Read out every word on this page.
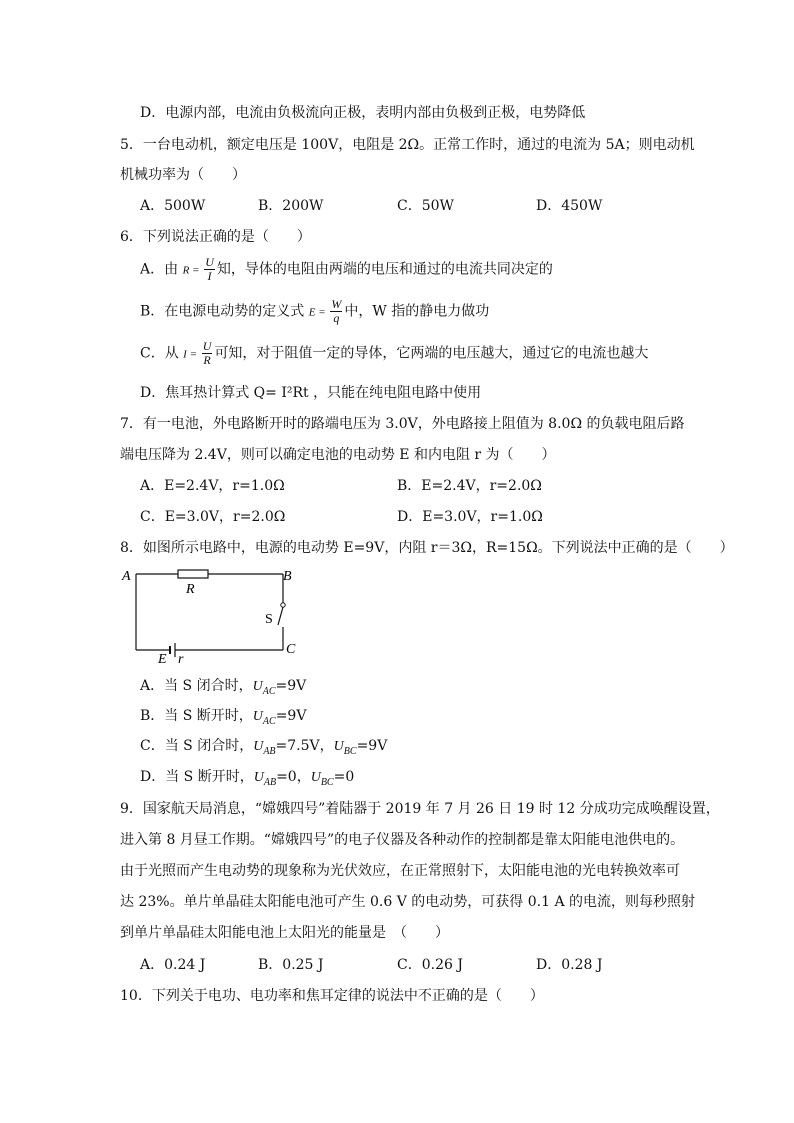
D．电源内部，电流由负极流向正极，表明内部由负极到正极，电势降低
5．一台电动机，额定电压是 100V，电阻是 2Ω。正常工作时，通过的电流为 5A；则电动机
机械功率为（　　）
A．500W	B．200W	C．50W	D．450W
6．下列说法正确的是（　　）
A．由 $R = \frac{U}{I}$ 知，导体的电阻由两端的电压和通过的电流共同决定的
B．在电源电动势的定义式 $E = \frac{W}{q}$ 中，W 指的静电力做功
C．从 $I = \frac{U}{R}$ 可知，对于阻值一定的导体，它两端的电压越大，通过它的电流也越大
D．焦耳热计算式 Q= I²Rt ，只能在纯电阻电路中使用
7．有一电池，外电路断开时的路端电压为 3.0V，外电路接上阻值为 8.0Ω 的负载电阻后路
端电压降为 2.4V，则可以确定电池的电动势 E 和内电阻 r 为（　　）
A．E=2.4V，r=1.0Ω	B．E=2.4V，r=2.0Ω
C．E=3.0V，r=2.0Ω	D．E=3.0V，r=1.0Ω
8．如图所示电路中，电源的电动势 E=9V，内阻 r＝3Ω，R=15Ω。下列说法中正确的是（　　）
A	B
C
R
S
E r
A．当 S 闭合时，$U_{AC}=9V$
B．当 S 断开时，$U_{AC}=9V$
C．当 S 闭合时，$U_{AB}=7.5V$，$U_{BC}=9V$
D．当 S 断开时，$U_{AB}=0$，$U_{BC}=0$
9．国家航天局消息，“嫦娥四号”着陆器于 2019 年 7 月 26 日 19 时 12 分成功完成唤醒设置，
进入第 8 月昼工作期。“嫦娥四号”的电子仪器及各种动作的控制都是靠太阳能电池供电的。
由于光照而产生电动势的现象称为光伏效应，在正常照射下，太阳能电池的光电转换效率可
达 23%。单片单晶硅太阳能电池可产生 0.6 V 的电动势，可获得 0.1 A 的电流，则每秒照射
到单片单晶硅太阳能电池上太阳光的能量是　（　　）
A．0.24 J	B．0.25 J	C．0.26 J	D．0.28 J
10．下列关于电功、电功率和焦耳定律的说法中不正确的是（　　）
